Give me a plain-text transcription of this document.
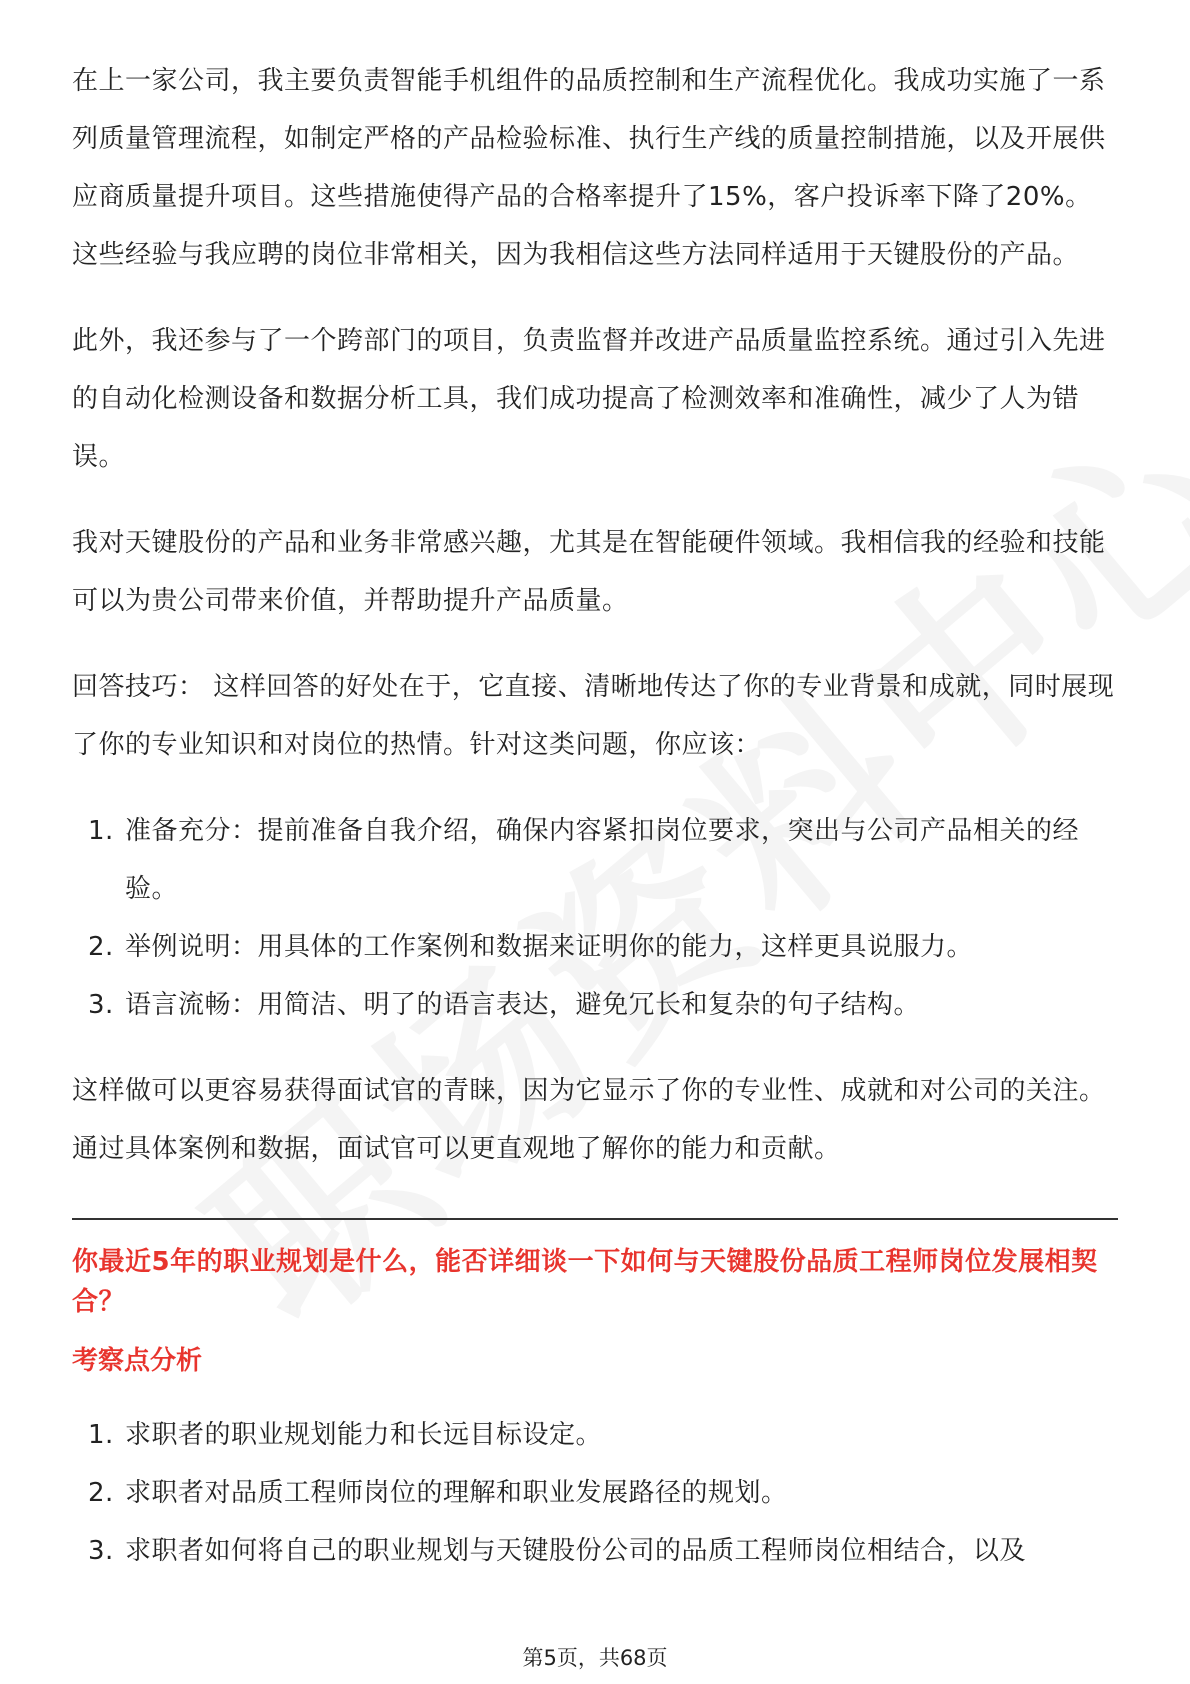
在上一家公司，我主要负责智能手机组件的品质控制和生产流程优化。我成功实施了一系列质量管理流程，如制定严格的产品检验标准、执行生产线的质量控制措施，以及开展供应商质量提升项目。这些措施使得产品的合格率提升了15%，客户投诉率下降了20%。这些经验与我应聘的岗位非常相关，因为我相信这些方法同样适用于天键股份的产品。

此外，我还参与了一个跨部门的项目，负责监督并改进产品质量监控系统。通过引入先进的自动化检测设备和数据分析工具，我们成功提高了检测效率和准确性，减少了人为错误。

我对天键股份的产品和业务非常感兴趣，尤其是在智能硬件领域。我相信我的经验和技能可以为贵公司带来价值，并帮助提升产品质量。

回答技巧： 这样回答的好处在于，它直接、清晰地传达了你的专业背景和成就，同时展现了你的专业知识和对岗位的热情。针对这类问题，你应该：

1. 准备充分：提前准备自我介绍，确保内容紧扣岗位要求，突出与公司产品相关的经验。
2. 举例说明：用具体的工作案例和数据来证明你的能力，这样更具说服力。
3. 语言流畅：用简洁、明了的语言表达，避免冗长和复杂的句子结构。

这样做可以更容易获得面试官的青睐，因为它显示了你的专业性、成就和对公司的关注。通过具体案例和数据，面试官可以更直观地了解你的能力和贡献。

你最近5年的职业规划是什么，能否详细谈一下如何与天键股份品质工程师岗位发展相契合？
考察点分析
1. 求职者的职业规划能力和长远目标设定。
2. 求职者对品质工程师岗位的理解和职业发展路径的规划。
3. 求职者如何将自己的职业规划与天键股份公司的品质工程师岗位相结合，以及
第5页，共68页
